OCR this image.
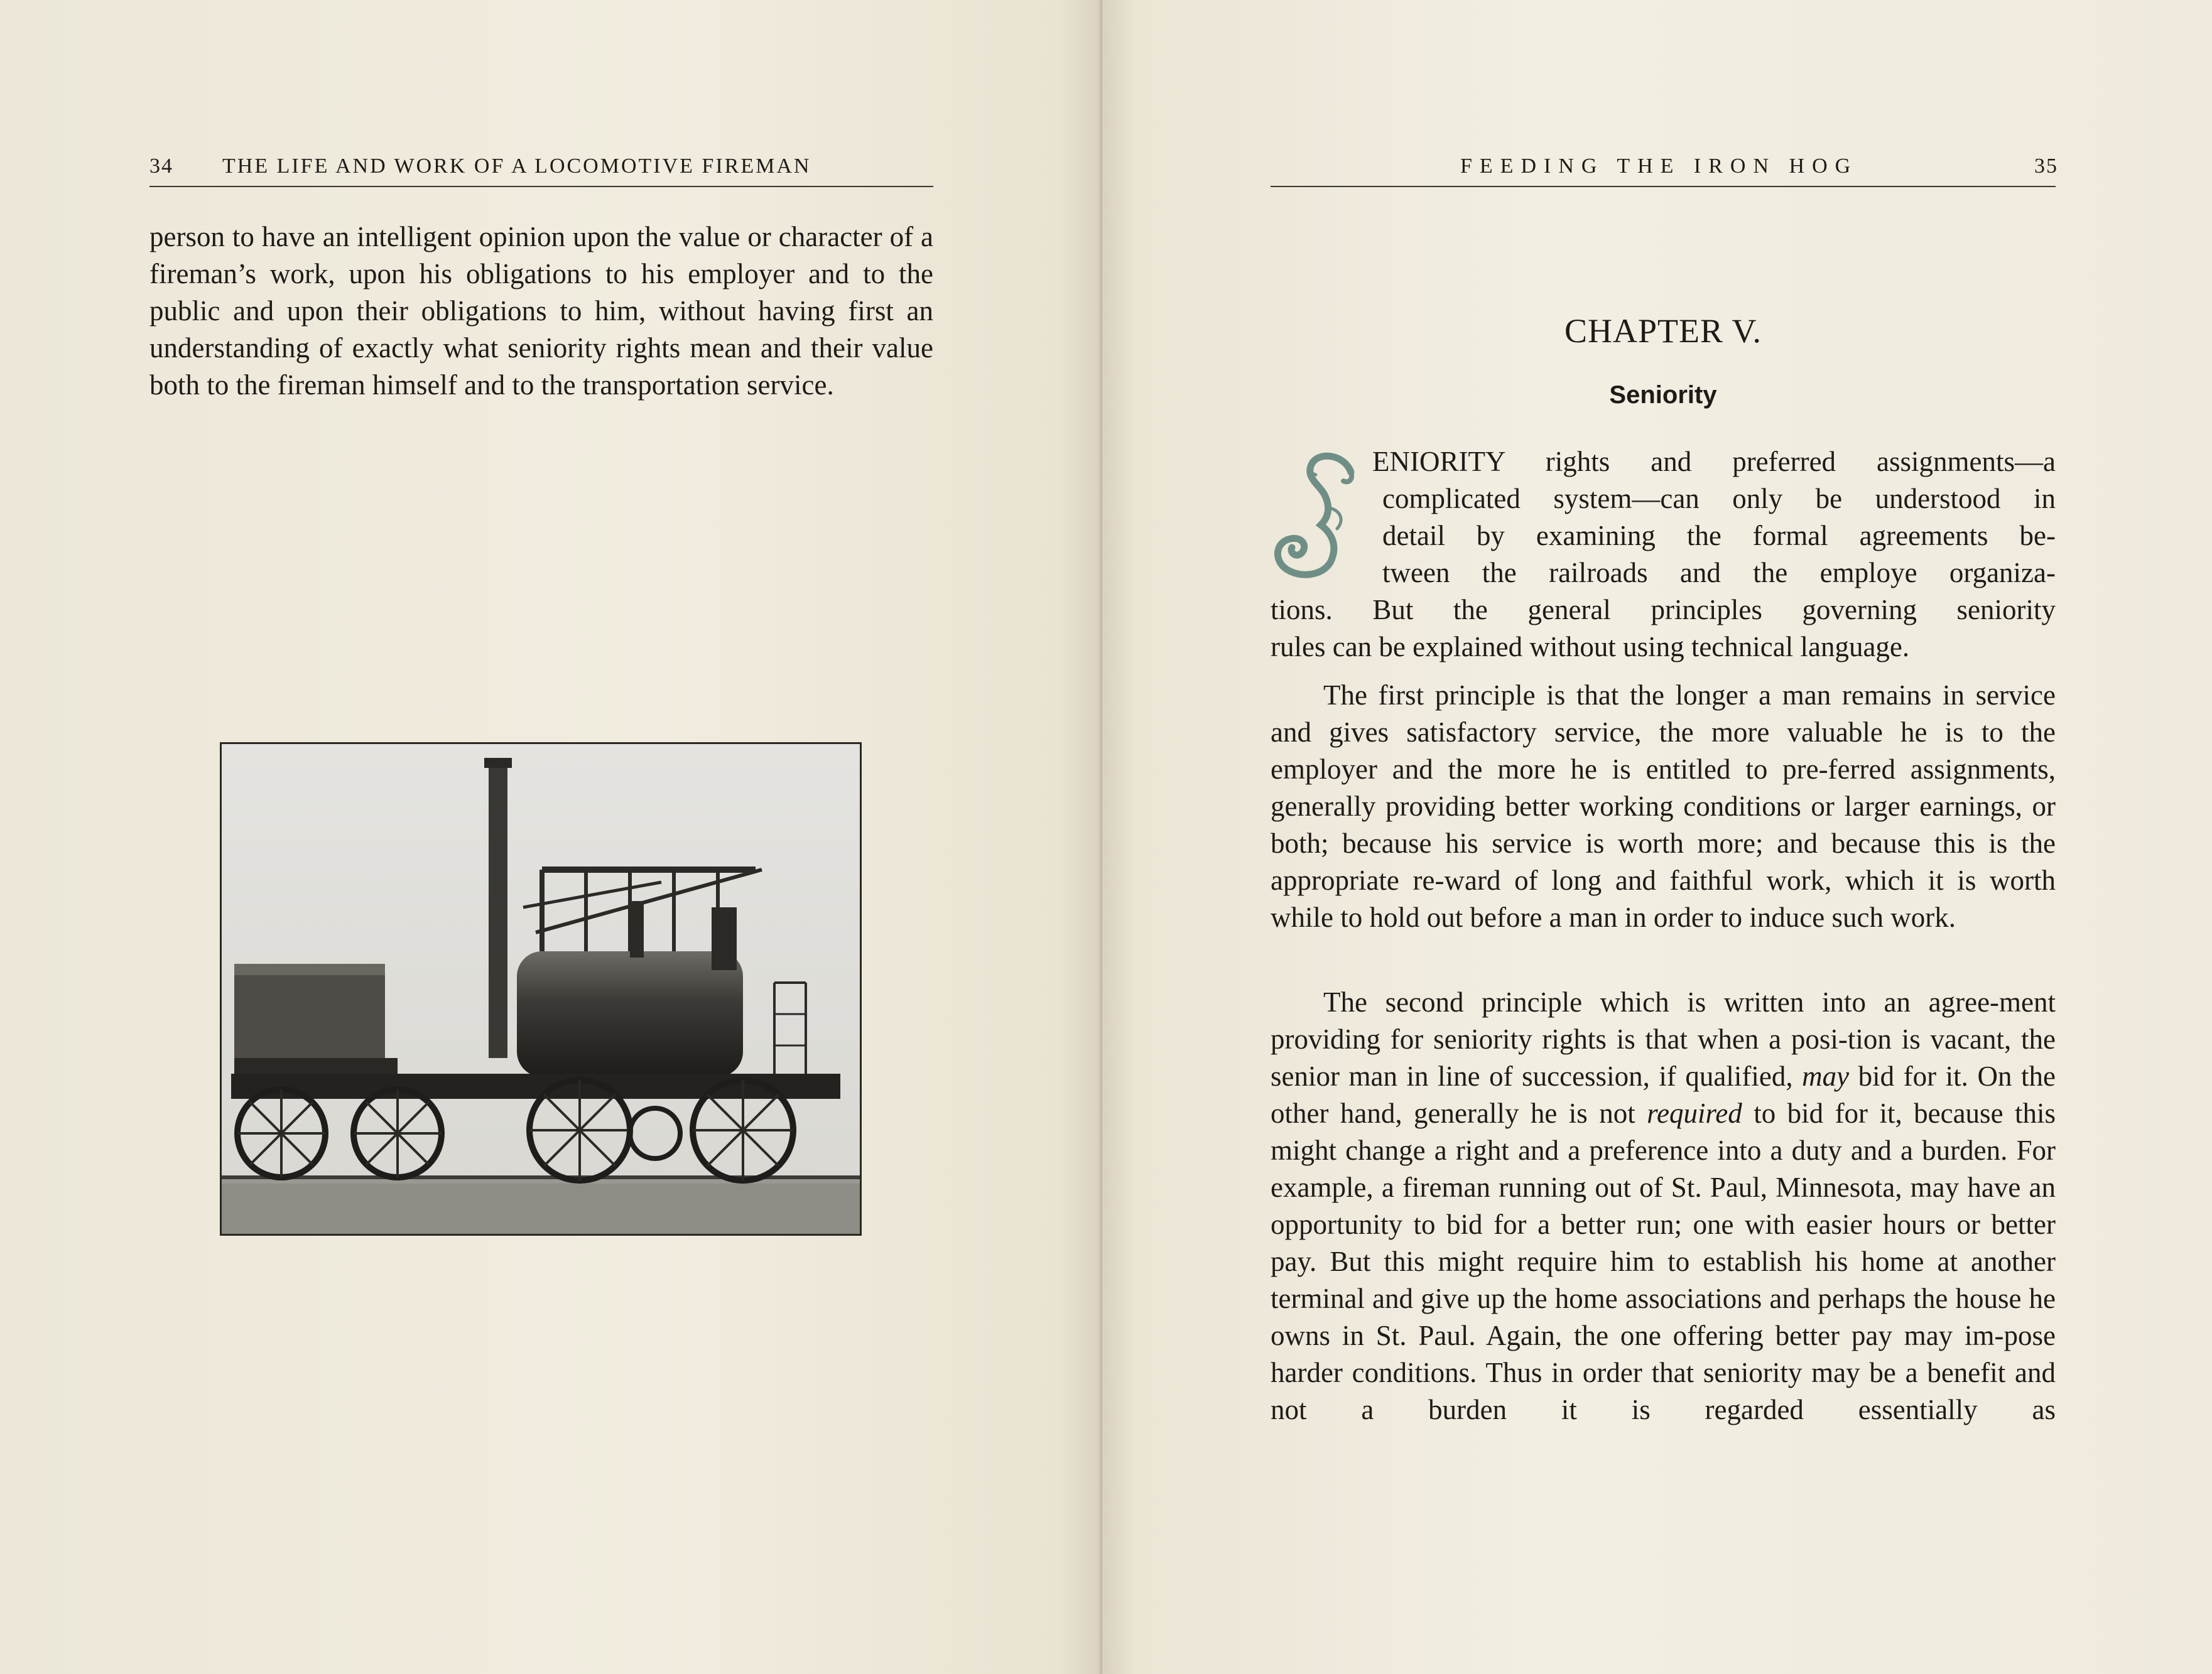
34 THE LIFE AND WORK OF A LOCOMOTIVE FIREMAN

person to have an intelligent opinion upon the value or character of a fireman’s work, upon his obligations to his employer and to the public and upon their obligations to him, without having first an understanding of exactly what seniority rights mean and their value both to the fireman himself and to the transportation service.

FEEDING THE IRON HOG	35
CHAPTER V.
Seniority
S
ENIORITY rights and preferred assignments—a
complicated system—can only be understood in
detail by examining the formal agreements be-
tween the railroads and the employe organiza-
tions. But the general principles governing seniority
rules can be explained without using technical language.

The first principle is that the longer a man remains in service and gives satisfactory service, the more valuable he is to the employer and the more he is entitled to pre-ferred assignments, generally providing better working conditions or larger earnings, or both; because his service is worth more; and because this is the appropriate re-ward of long and faithful work, which it is worth while to hold out before a man in order to induce such work.

The second principle which is written into an agree-ment providing for seniority rights is that when a posi-tion is vacant, the senior man in line of succession, if qualified, may bid for it. On the other hand, generally he is not required to bid for it, because this might change a right and a preference into a duty and a burden. For example, a fireman running out of St. Paul, Minnesota, may have an opportunity to bid for a better run; one with easier hours or better pay. But this might require him to establish his home at another terminal and give up the home associations and perhaps the house he owns in St. Paul. Again, the one offering better pay may im-pose harder conditions. Thus in order that seniority may be a benefit and not a burden it is regarded essentially as
